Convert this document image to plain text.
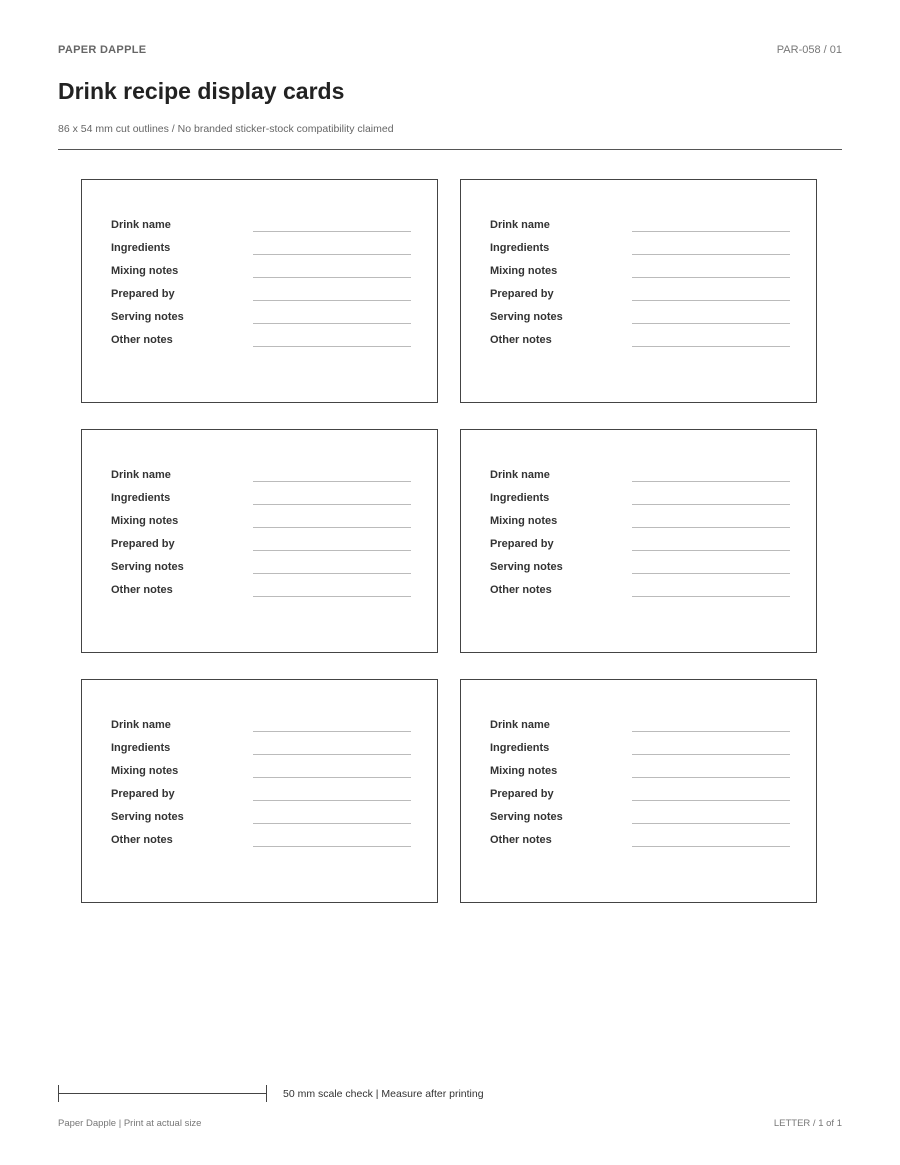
PAPER DAPPLE	PAR-058 / 01
Drink recipe display cards
86 x 54 mm cut outlines / No branded sticker-stock compatibility claimed
Drink name
Ingredients
Mixing notes
Prepared by
Serving notes
Other notes
Drink name
Ingredients
Mixing notes
Prepared by
Serving notes
Other notes
Drink name
Ingredients
Mixing notes
Prepared by
Serving notes
Other notes
Drink name
Ingredients
Mixing notes
Prepared by
Serving notes
Other notes
Drink name
Ingredients
Mixing notes
Prepared by
Serving notes
Other notes
Drink name
Ingredients
Mixing notes
Prepared by
Serving notes
Other notes
50 mm scale check | Measure after printing
Paper Dapple | Print at actual size	LETTER / 1 of 1
